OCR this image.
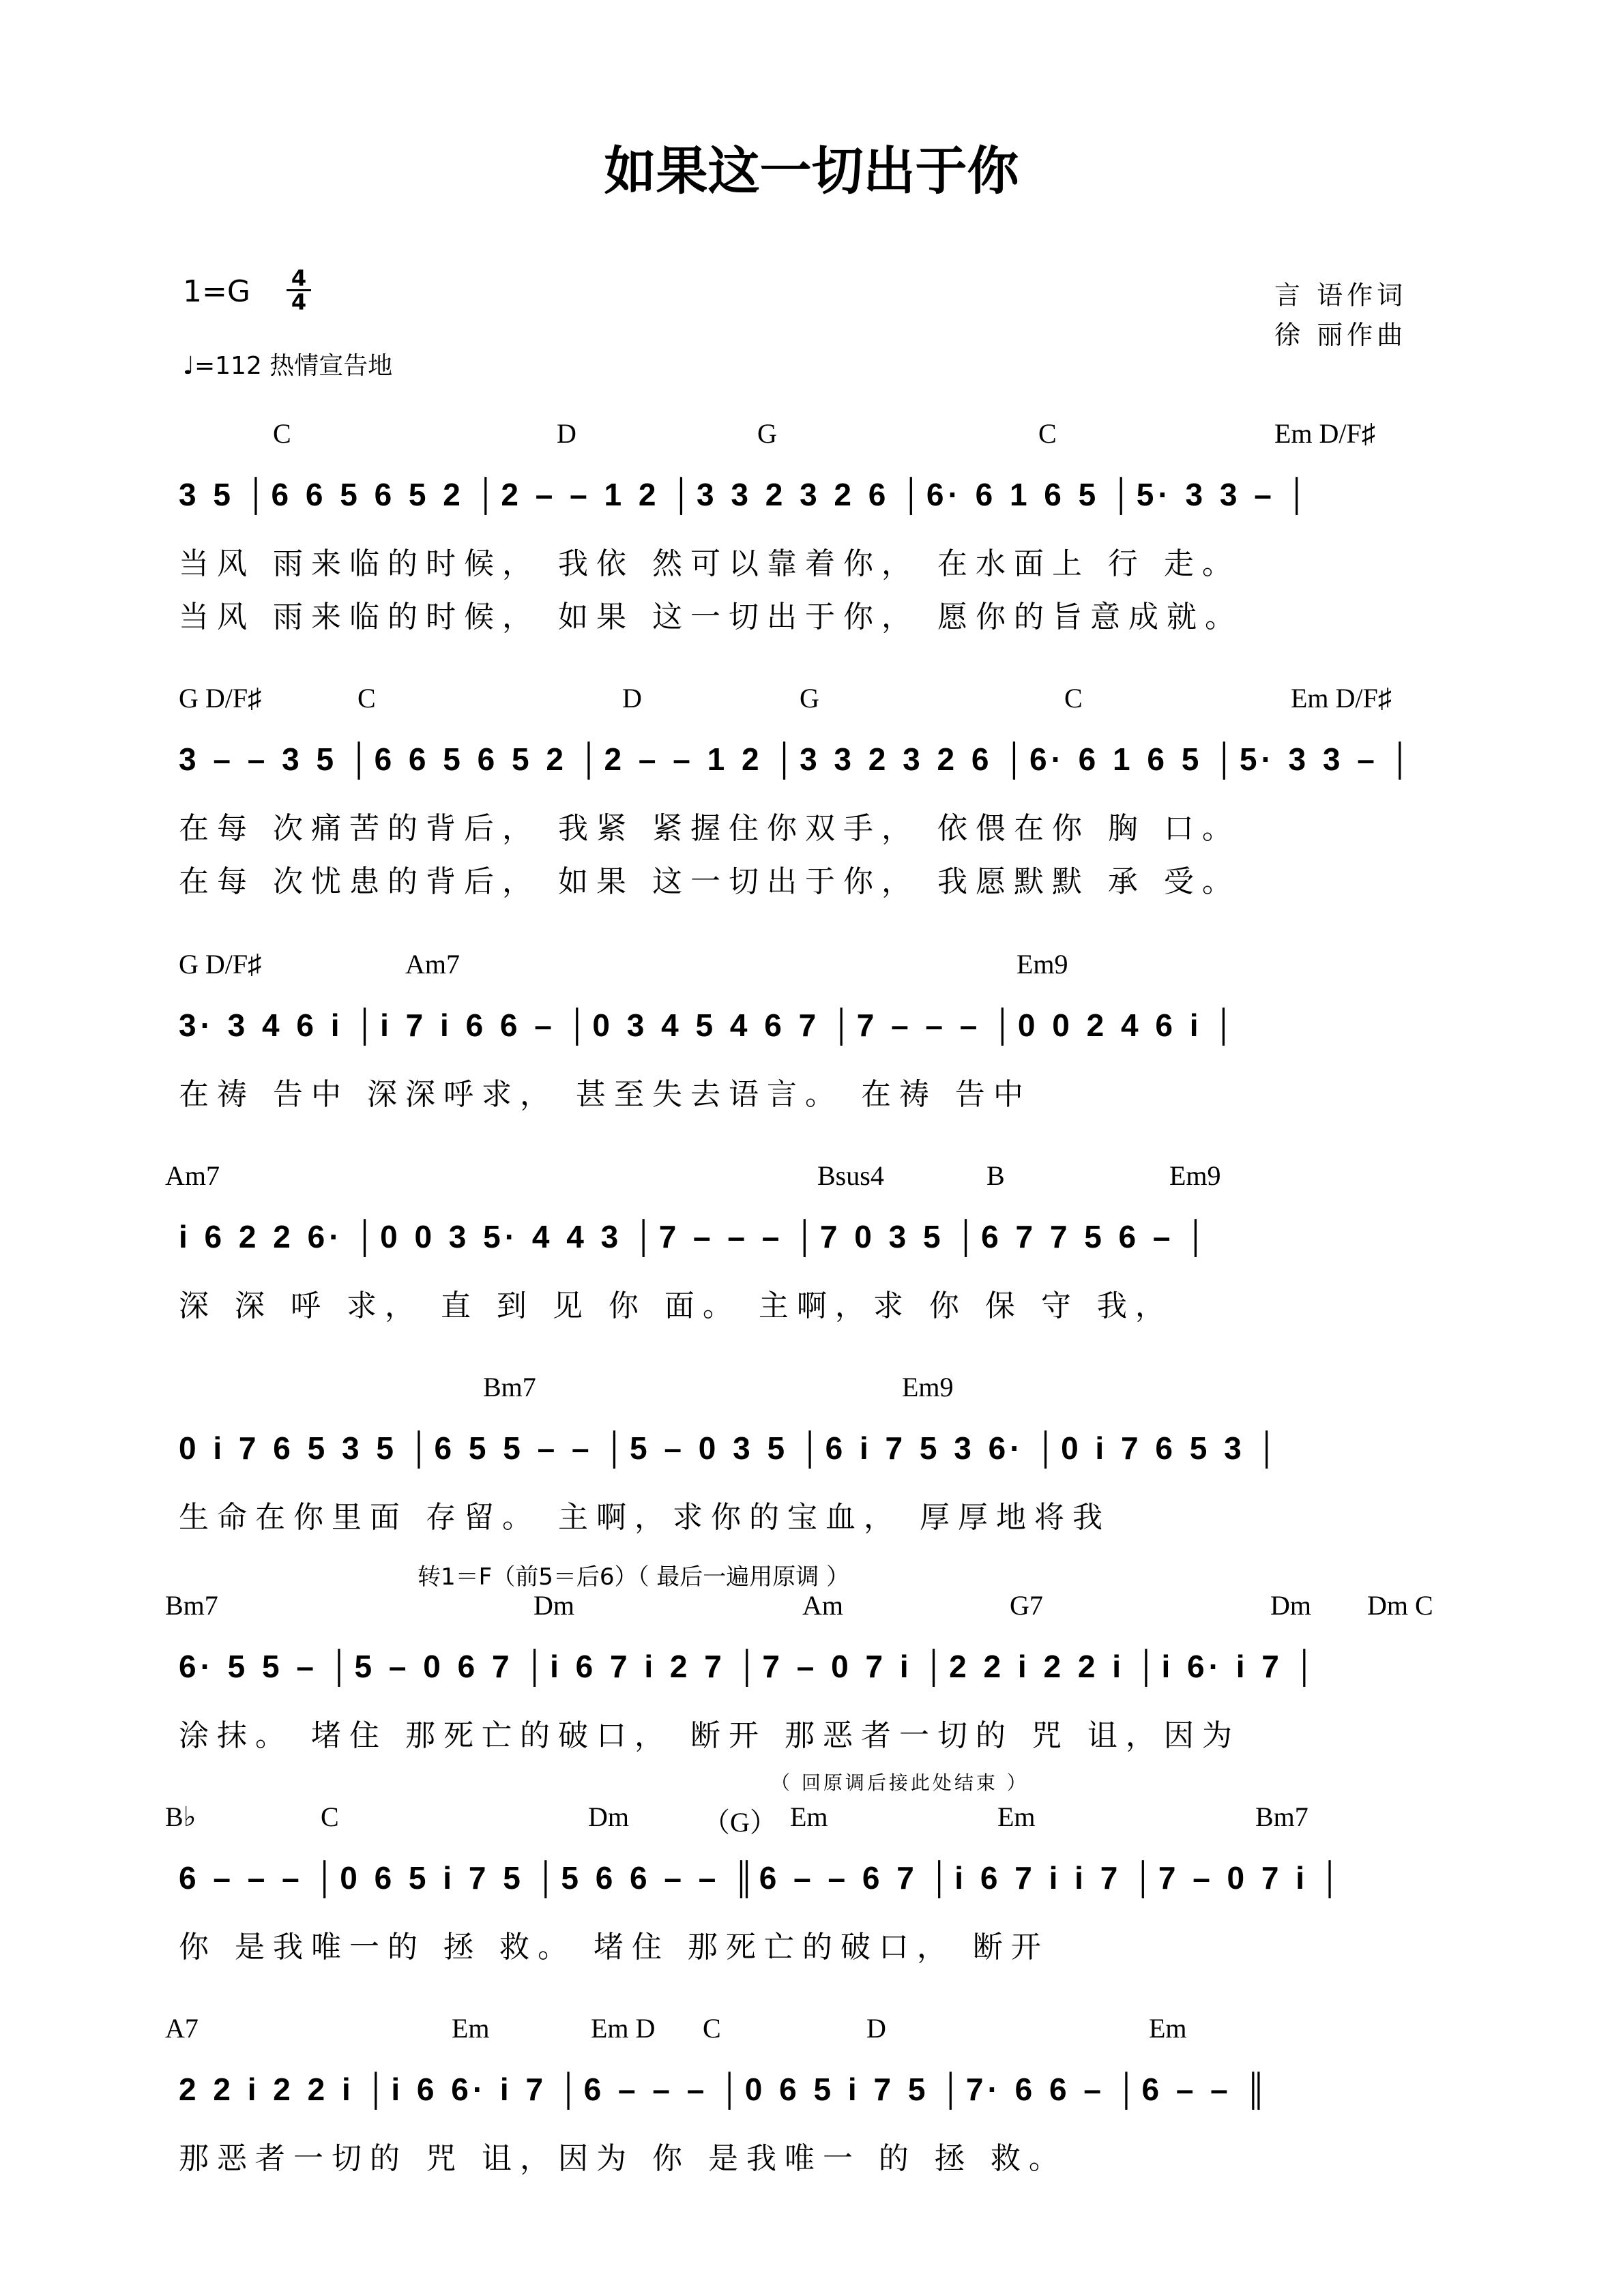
如果这一切出于你
1=G 4
4
♩=112 热情宣告地
言 语作词
徐 丽作曲
转1＝F（前5＝后6）（ 最后一遍用原调 ）
（ 回原调后接此处结束 ）
C	D	G	C	Em D/F♯
3 5 │6 6 5 6 5 2 │2 – – 1 2 │3 3 2 3 2 6 │6· 6 1 6 5 │5· 3 3 – │
当风 雨来临的时候， 我依 然可以靠着你， 在水面上 行 走。
当风 雨来临的时候， 如果 这一切出于你， 愿你的旨意成就。
G D/F♯	C	D	G	C	Em D/F♯
3 – – 3 5 │6 6 5 6 5 2 │2 – – 1 2 │3 3 2 3 2 6 │6· 6 1 6 5 │5· 3 3 – │
在每 次痛苦的背后， 我紧 紧握住你双手， 依偎在你 胸 口。
在每 次忧患的背后， 如果 这一切出于你， 我愿默默 承 受。
G D/F♯	Am7	Em9
3· 3 4 6 i │i 7 i 6 6 – │0 3 4 5 4 6 7 │7 – – – │0 0 2 4 6 i │
在祷 告中 深深呼求， 甚至失去语言。 在祷 告中
Am7	Bsus4	B	Em9
i 6 2 2 6· │0 0 3 5· 4 4 3 │7 – – – │7 0 3 5 │6 7 7 5 6 – │
深 深 呼 求， 直 到 见 你 面。 主啊，求 你 保 守 我，
Bm7	Em9
0 i 7 6 5 3 5 │6 5 5 – – │5 – 0 3 5 │6 i 7 5 3 6· │0 i 7 6 5 3 │
生命在你里面 存留。 主啊，求你的宝血， 厚厚地将我
Bm7	Dm	Am	G7	Dm Dm C
6· 5 5 – │5 – 0 6 7 │i 6 7 i 2 7 │7 – 0 7 i │2 2 i 2 2 i │i 6· i 7 │
涂抹。 堵住 那死亡的破口， 断开 那恶者一切的 咒 诅，因为
B♭	C	Dm	（G） Em	Em	Bm7
6 – – – │0 6 5 i 7 5 │5 6 6 – – ║6 – – 6 7 │i 6 7 i i 7 │7 – 0 7 i │
你 是我唯一的 拯 救。 堵住 那死亡的破口， 断开
A7	Em	Em D C	D	Em
2 2 i 2 2 i │i 6 6· i 7 │6 – – – │0 6 5 i 7 5 │7· 6 6 – │6 – – ║
那恶者一切的 咒 诅，因为 你 是我唯一 的 拯 救。
